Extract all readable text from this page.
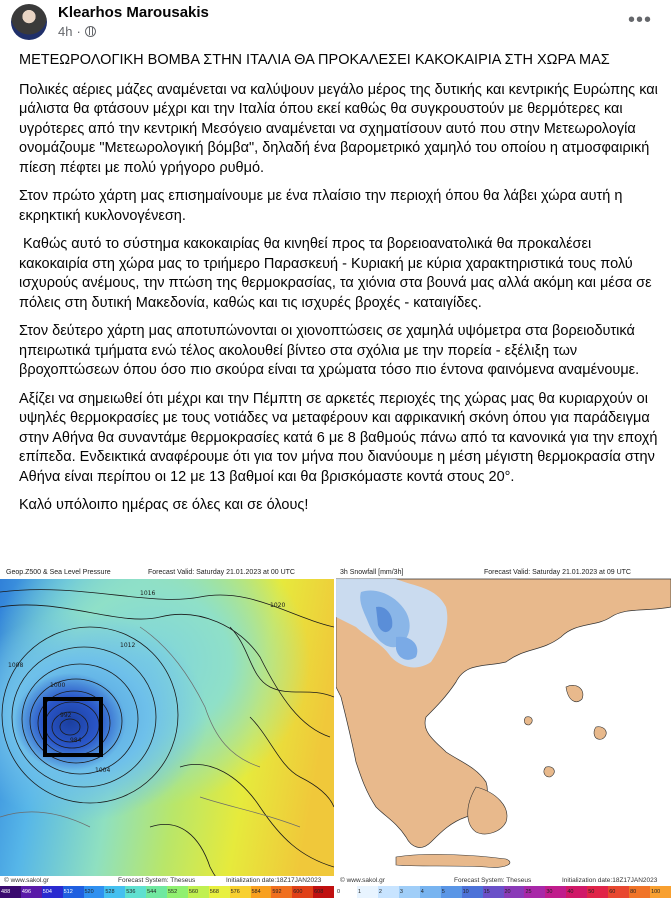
Klearhos Marousakis
4h ·
•••

ΜΕΤΕΩΡΟΛΟΓΙΚΗ ΒΟΜΒΑ ΣΤΗΝ ΙΤΑΛΙΑ ΘΑ ΠΡΟΚΑΛΕΣΕΙ ΚΑΚΟΚΑΙΡΙΑ ΣΤΗ ΧΩΡΑ ΜΑΣ

Πολικές αέριες μάζες αναμένεται να καλύψουν μεγάλο μέρος της δυτικής και κεντρικής Ευρώπης και μάλιστα θα φτάσουν μέχρι και την Ιταλία όπου εκεί καθώς θα συγκρουστούν με θερμότερες και υγρότερες από την κεντρική Μεσόγειο αναμένεται να σχηματίσουν αυτό που στην Μετεωρολογία ονομάζουμε "Μετεωρολογική βόμβα", δηλαδή ένα βαρομετρικό χαμηλό του οποίου η ατμοσφαιρική πίεση πέφτει με πολύ γρήγορο ρυθμό.

Στον πρώτο χάρτη μας επισημαίνουμε με ένα πλαίσιο την περιοχή όπου θα λάβει χώρα αυτή η εκρηκτική κυκλονογένεση.

Καθώς αυτό το σύστημα κακοκαιρίας θα κινηθεί προς τα βορειοανατολικά θα προκαλέσει κακοκαιρία στη χώρα μας το τριήμερο Παρασκευή - Κυριακή με κύρια χαρακτηριστικά τους πολύ ισχυρούς ανέμους, την πτώση της θερμοκρασίας, τα χιόνια στα βουνά μας αλλά ακόμη και μέσα σε πόλεις στη δυτική Μακεδονία, καθώς και τις ισχυρές βροχές - καταιγίδες.

Στον δεύτερο χάρτη μας αποτυπώνονται οι χιονοπτώσεις σε χαμηλά υψόμετρα στα βορειοδυτικά ηπειρωτικά τμήματα ενώ τέλος ακολουθεί βίντεο στα σχόλια με την πορεία - εξέλιξη των βροχοπτώσεων όπου όσο πιο σκούρα είναι τα χρώματα τόσο πιο έντονα φαινόμενα αναμένουμε.

Αξίζει να σημειωθεί ότι μέχρι και την Πέμπτη σε αρκετές περιοχές της χώρας μας θα κυριαρχούν οι υψηλές θερμοκρασίες με τους νοτιάδες να μεταφέρουν και αφρικανική σκόνη όπου για παράδειγμα στην Αθήνα θα συναντάμε θερμοκρασίες κατά 6 με 8 βαθμούς πάνω από τα κανονικά για την εποχή επίπεδα. Ενδεικτικά αναφέρουμε ότι για τον μήνα που διανύουμε η μέση μέγιστη θερμοκρασία στην Αθήνα είναι περίπου οι 12 με 13 βαθμοί και θα βρισκόμαστε κοντά στους 20°.

Καλό υπόλοιπο ημέρας σε όλες και σε όλους!

Geop.Z500 & Sea Level Pressure	Forecast Valid: Saturday 21.01.2023 at 00 UTC
1016
1000
992
984
1008
1012
1004
1020
© www.sakol.gr	Forecast System: Theseus	Initialization date:18Z17JAN2023
488	496	504	512	520	528	536	544	552	560	568	576	584	592	600	608
3h Snowfall [mm/3h]	Forecast Valid: Saturday 21.01.2023 at 09 UTC
© www.sakol.gr	Forecast System: Theseus	Initialization date:18Z17JAN2023
0	1	2	3	4	5	10	15	20	25	30	40	50	60	80	100
